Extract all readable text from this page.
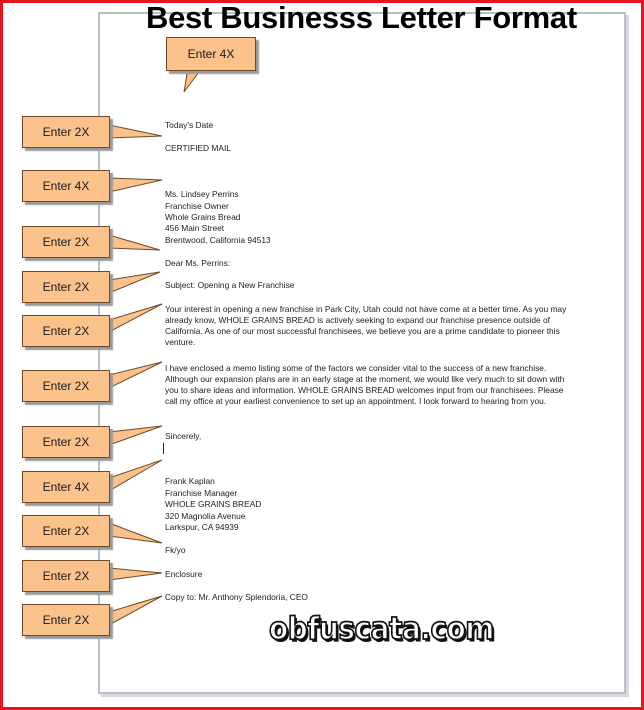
Best Businesss Letter Format
Enter 4X
Enter 2X
Enter 4X
Enter 2X
Enter 2X
Enter 2X
Enter 2X
Enter 2X
Enter 4X
Enter 2X
Enter 2X
Enter 2X
Today's Date
CERTIFIED MAIL
Ms. Lindsey Perrins
Franchise Owner
Whole Grains Bread
456 Main Street
Brentwood, California 94513
Dear Ms. Perrins:
Subject: Opening a New Franchise
Your interest in opening a new franchise in Park City, Utah could not have come at a better time. As you may already know, WHOLE GRAINS BREAD is actively seeking to expand our franchise presence outside of California. As one of our most successful franchisees, we believe you are a prime candidate to pioneer this venture.
I have enclosed a memo listing some of the factors we consider vital to the success of a new franchise. Although our expansion plans are in an early stage at the moment, we would like very much to sit down with you to share ideas and information. WHOLE GRAINS BREAD welcomes input from our franchisees. Please call my office at your earliest convenience to set up an appointment. I look forward to hearing from you.
Sincerely,
Frank Kaplan
Franchise Manager
WHOLE GRAINS BREAD
320 Magnolia Avenue
Larkspur, CA 94939
Fk/yo
Enclosure
Copy to: Mr. Anthony Splendoria, CEO
obfuscata.com
